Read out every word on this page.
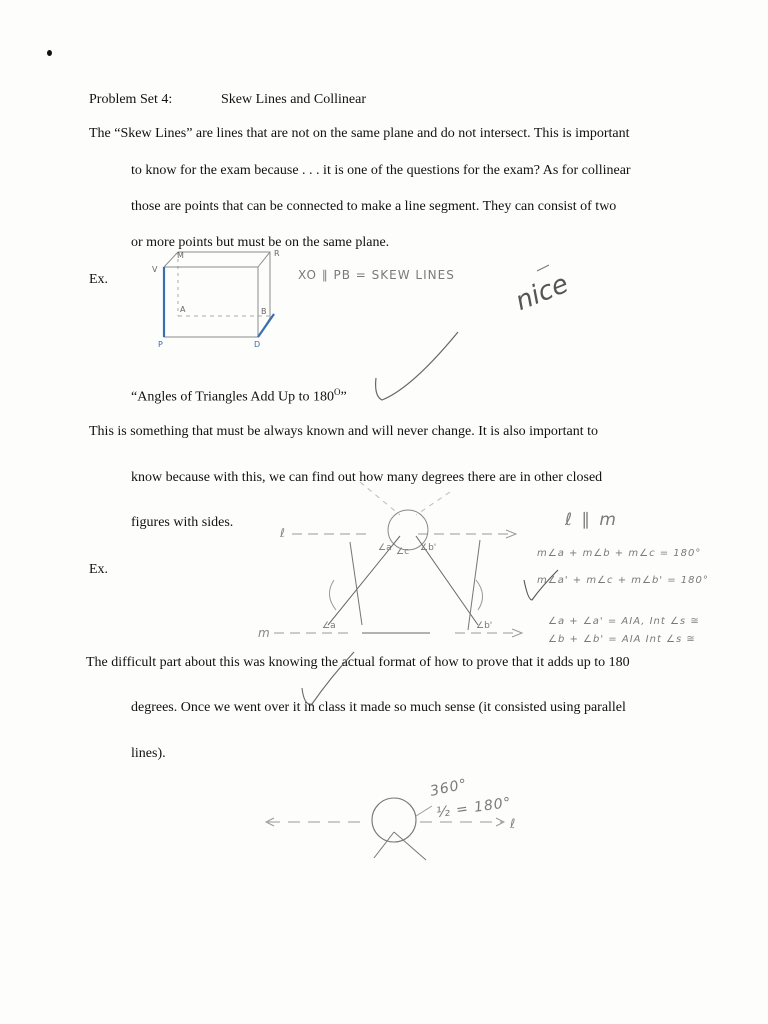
Problem Set 4:	Skew Lines and Collinear
The “Skew Lines” are lines that are not on the same plane and do not intersect. This is important
to know for the exam because . . . it is one of the questions for the exam? As for collinear
those are points that can be connected to make a line segment. They can consist of two
or more points but must be on the same plane.
Ex.
V
M	R
A	B
P	D
XO ∥ PB = SKEW LINES nice
“Angles of Triangles Add Up to $180^O$”
This is something that must be always known and will never change. It is also important to
know because with this, we can find out how many degrees there are in other closed
figures with sides.
Ex.
ℓ
m
∠a ∠c ∠b'
∠a	∠b'
ℓ ∥ m
m∠a + m∠b + m∠c = 180°
m∠a' + m∠c + m∠b' = 180°
∠a + ∠a' = AIA, Int ∠s ≅
∠b + ∠b' = AIA Int ∠s ≅
The difficult part about this was knowing the actual format of how to prove that it adds up to 180
degrees. Once we went over it in class it made so much sense (it consisted using parallel
lines).
ℓ
360°
½ = 180°
